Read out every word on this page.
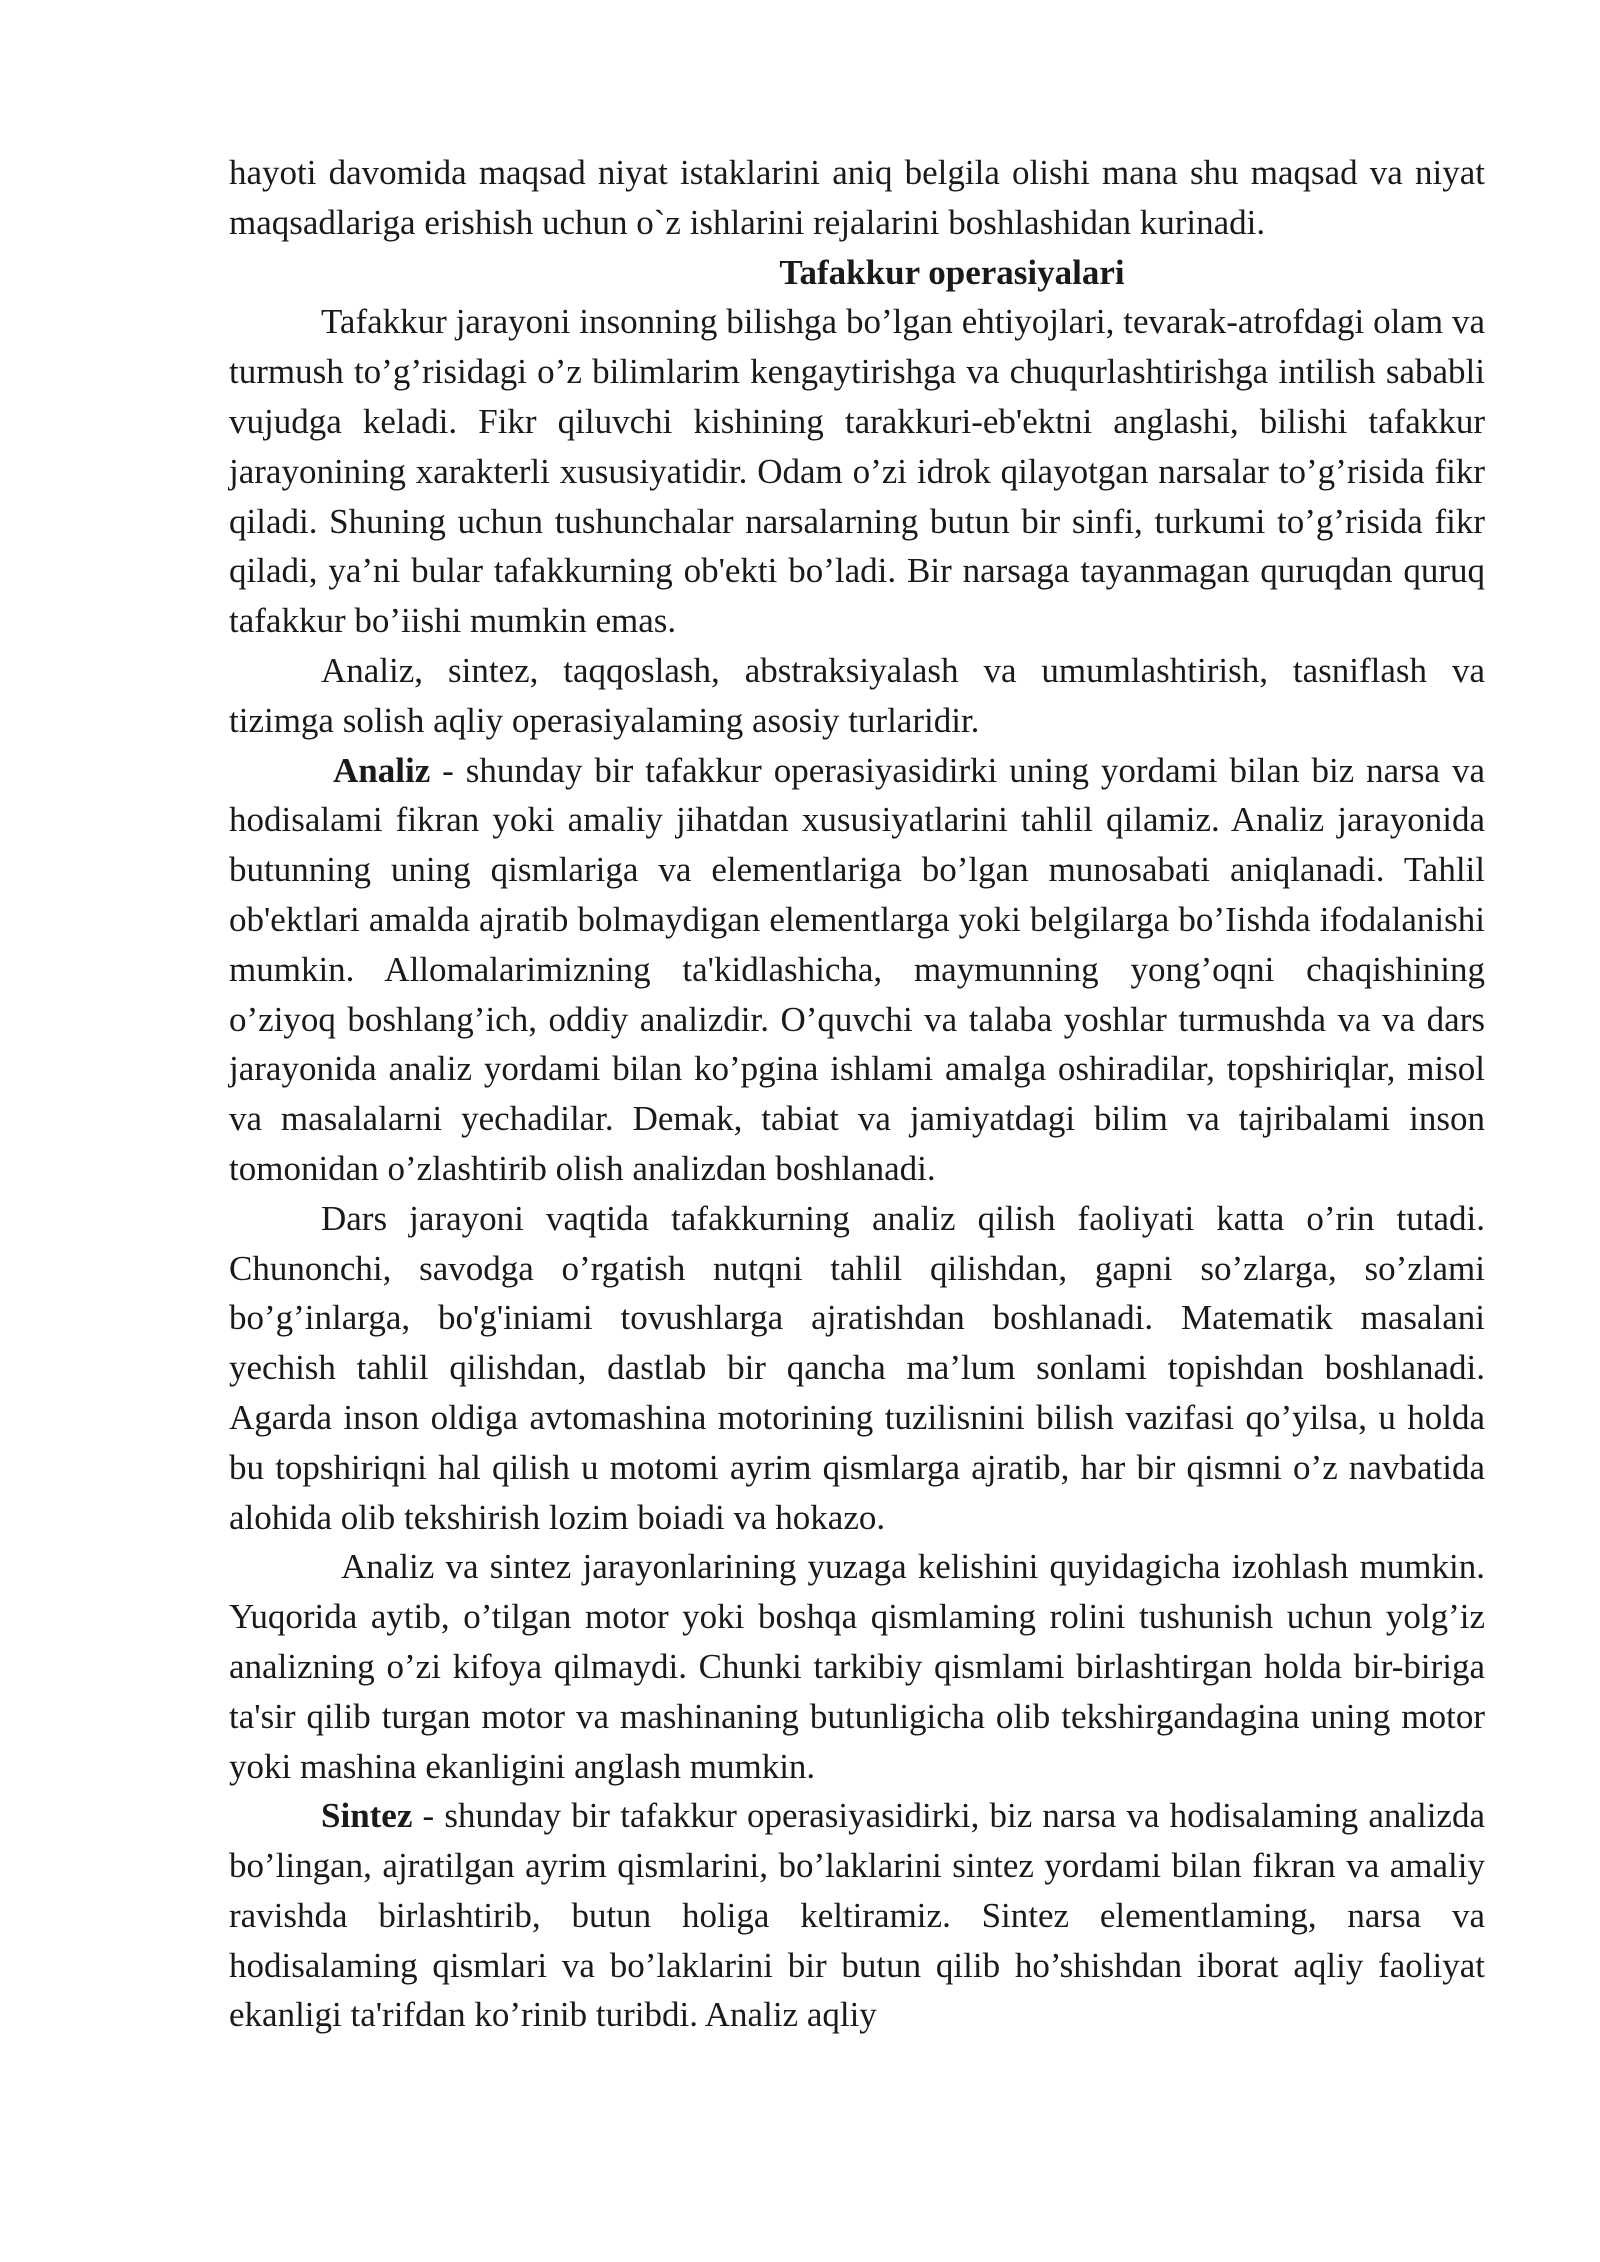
hayoti davomida maqsad niyat istaklarini aniq belgila olishi mana shu maqsad va niyat maqsadlariga erishish uchun o`z ishlarini rejalarini boshlashidan kurinadi.

Tafakkur operasiyalari

Tafakkur jarayoni insonning bilishga bo’lgan ehtiyojlari, tevarak-atrofdagi olam va turmush to’g’risidagi o’z bilimlarim kengaytirishga va chuqurlashtirishga intilish sababli vujudga keladi. Fikr qiluvchi kishining tarakkuri-eb'ektni anglashi, bilishi tafakkur jarayonining xarakterli xususiyatidir. Odam o’zi idrok qilayotgan narsalar to’g’risida fikr qiladi. Shuning uchun tushunchalar narsalarning butun bir sinfi, turkumi to’g’risida fikr qiladi, ya’ni bular tafakkurning ob'ekti bo’ladi. Bir narsaga tayanmagan quruqdan quruq tafakkur bo’iishi mumkin emas.

Analiz, sintez, taqqoslash, abstraksiyalash va umumlashtirish, tasniflash va tizimga solish aqliy operasiyalaming asosiy turlaridir.

Analiz - shunday bir tafakkur operasiyasidirki uning yordami bilan biz narsa va hodisalami fikran yoki amaliy jihatdan xususiyatlarini tahlil qilamiz. Analiz jarayonida butunning uning qismlariga va elementlariga bo’lgan munosabati aniqlanadi. Tahlil ob'ektlari amalda ajratib bolmaydigan elementlarga yoki belgilarga bo’Iishda ifodalanishi mumkin. Allomalarimizning ta'kidlashicha, maymunning yong’oqni chaqishining o’ziyoq boshlang’ich, oddiy analizdir. O’quvchi va talaba yoshlar turmushda va va dars jarayonida analiz yordami bilan ko’pgina ishlami amalga oshiradilar, topshiriqlar, misol va masalalarni yechadilar. Demak, tabiat va jamiyatdagi bilim va tajribalami inson tomonidan o’zlashtirib olish analizdan boshlanadi.

Dars jarayoni vaqtida tafakkurning analiz qilish faoliyati katta o’rin tutadi. Chunonchi, savodga o’rgatish nutqni tahlil qilishdan, gapni so’zlarga, so’zlami bo’g’inlarga, bo'g'iniami tovushlarga ajratishdan boshlanadi. Matematik masalani yechish tahlil qilishdan, dastlab bir qancha ma’lum sonlami topishdan boshlanadi. Agarda inson oldiga avtomashina motorining tuzilisnini bilish vazifasi qo’yilsa, u holda bu topshiriqni hal qilish u motomi ayrim qismlarga ajratib, har bir qismni o’z navbatida alohida olib tekshirish lozim boiadi va hokazo.

Analiz va sintez jarayonlarining yuzaga kelishini quyidagicha izohlash mumkin. Yuqorida aytib, o’tilgan motor yoki boshqa qismlaming rolini tushunish uchun yolg’iz analizning o’zi kifoya qilmaydi. Chunki tarkibiy qismlami birlashtirgan holda bir-biriga ta'sir qilib turgan motor va mashinaning butunligicha olib tekshirgandagina uning motor yoki mashina ekanligini anglash mumkin.

Sintez - shunday bir tafakkur operasiyasidirki, biz narsa va hodisalaming analizda bo’lingan, ajratilgan ayrim qismlarini, bo’laklarini sintez yordami bilan fikran va amaliy ravishda birlashtirib, butun holiga keltiramiz. Sintez elementlaming, narsa va hodisalaming qismlari va bo’laklarini bir butun qilib ho’shishdan iborat aqliy faoliyat ekanligi ta'rifdan ko’rinib turibdi. Analiz aqliy
